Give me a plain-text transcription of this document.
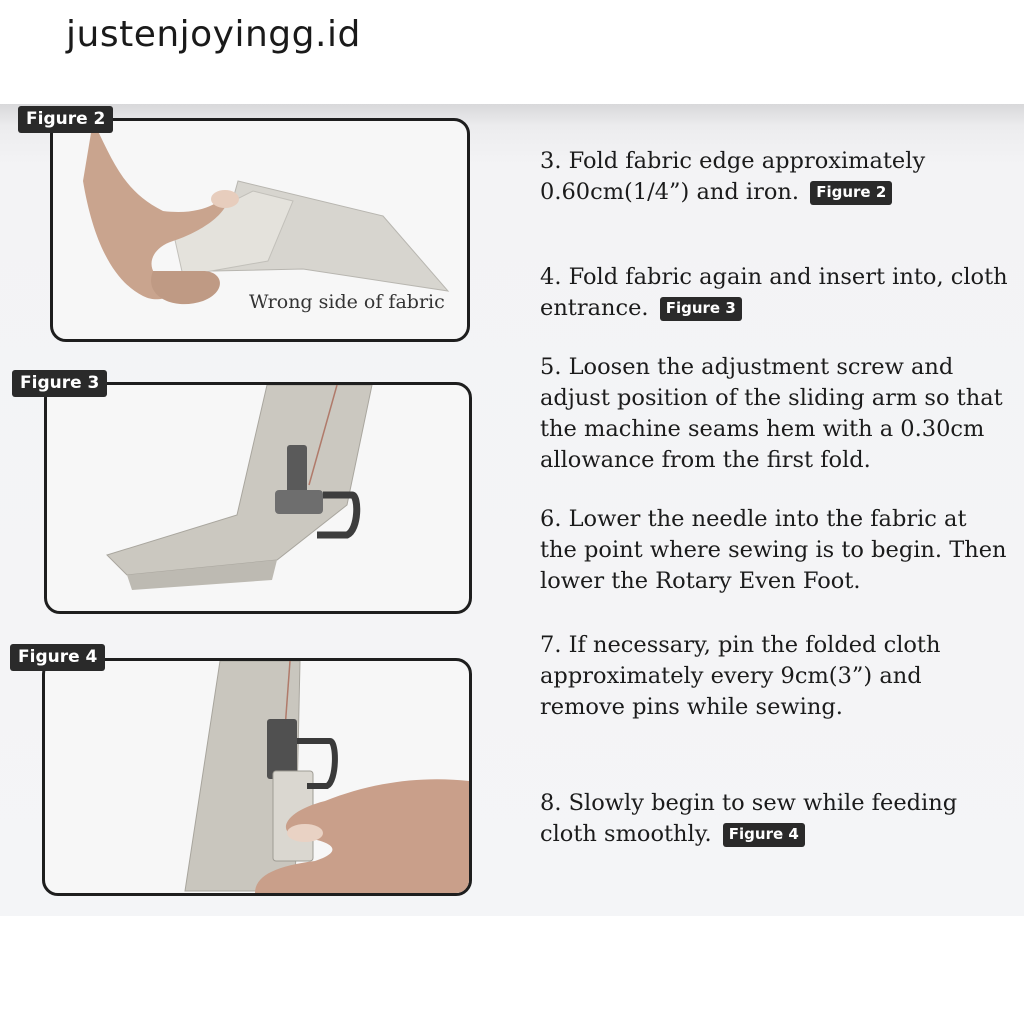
justenjoyingg.id
Figure 2
Wrong side of fabric
Figure 3
Figure 4
3. Fold fabric edge approximately 0.60cm(1/4”) and iron. Figure 2
4. Fold fabric again and insert into, cloth entrance. Figure 3
5. Loosen the adjustment screw and adjust position of the sliding arm so that the machine seams hem with a 0.30cm allowance from the first fold.
6. Lower the needle into the fabric at the point where sewing is to begin. Then lower the Rotary Even Foot.
7. If necessary, pin the folded cloth approximately every 9cm(3”) and remove pins while sewing.
8. Slowly begin to sew while feeding cloth smoothly. Figure 4
